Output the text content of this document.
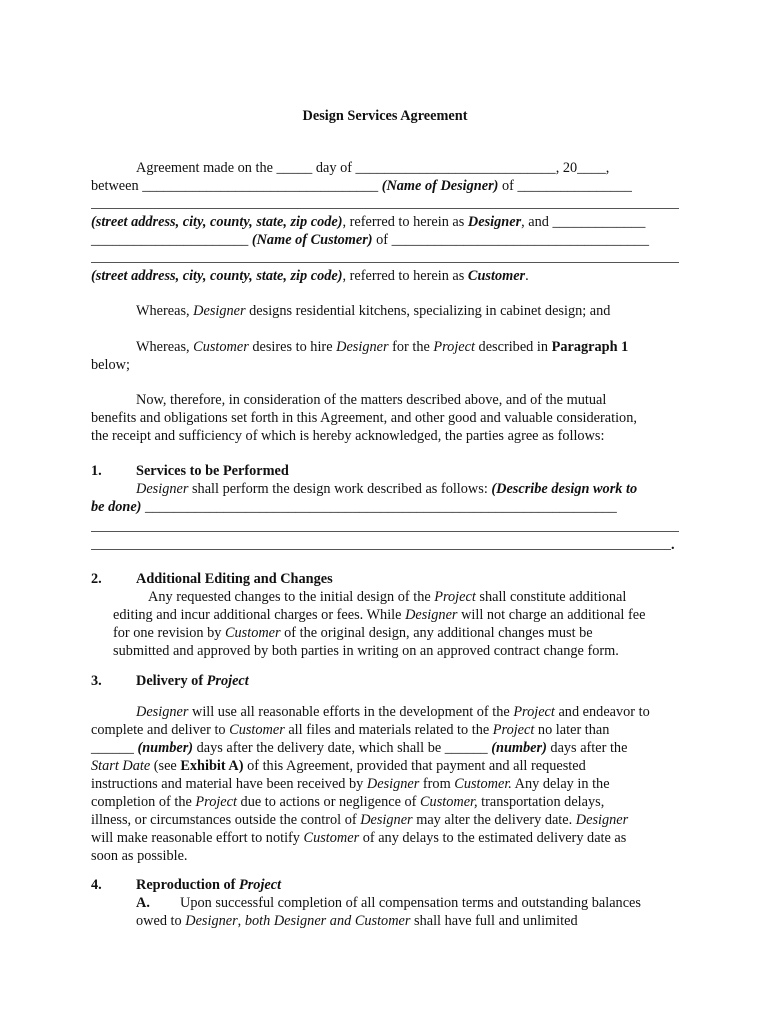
Design Services Agreement
Agreement made on the _____ day of ____________________________, 20____,
between _________________________________ (Name of Designer) of ________________
(street address, city, county, state, zip code), referred to herein as Designer, and _____________
______________________ (Name of Customer) of ____________________________________
(street address, city, county, state, zip code), referred to herein as Customer.
Whereas, Designer designs residential kitchens, specializing in cabinet design; and
Whereas, Customer desires to hire Designer for the Project described in Paragraph 1
below;
Now, therefore, in consideration of the matters described above, and of the mutual
benefits and obligations set forth in this Agreement, and other good and valuable consideration,
the receipt and sufficiency of which is hereby acknowledged, the parties agree as follows:
1. Services to be Performed
Designer shall perform the design work described as follows: (Describe design work to
be done) __________________________________________________________________
.
2. Additional Editing and Changes
Any requested changes to the initial design of the Project shall constitute additional
editing and incur additional charges or fees. While Designer will not charge an additional fee
for one revision by Customer of the original design, any additional changes must be
submitted and approved by both parties in writing on an approved contract change form.
3. Delivery of Project
Designer will use all reasonable efforts in the development of the Project and endeavor to
complete and deliver to Customer all files and materials related to the Project no later than
______ (number) days after the delivery date, which shall be ______ (number) days after the
Start Date (see Exhibit A) of this Agreement, provided that payment and all requested
instructions and material have been received by Designer from Customer. Any delay in the
completion of the Project due to actions or negligence of Customer, transportation delays,
illness, or circumstances outside the control of Designer may alter the delivery date. Designer
will make reasonable effort to notify Customer of any delays to the estimated delivery date as
soon as possible.
4. Reproduction of Project
A. Upon successful completion of all compensation terms and outstanding balances
owed to Designer, both Designer and Customer shall have full and unlimited
